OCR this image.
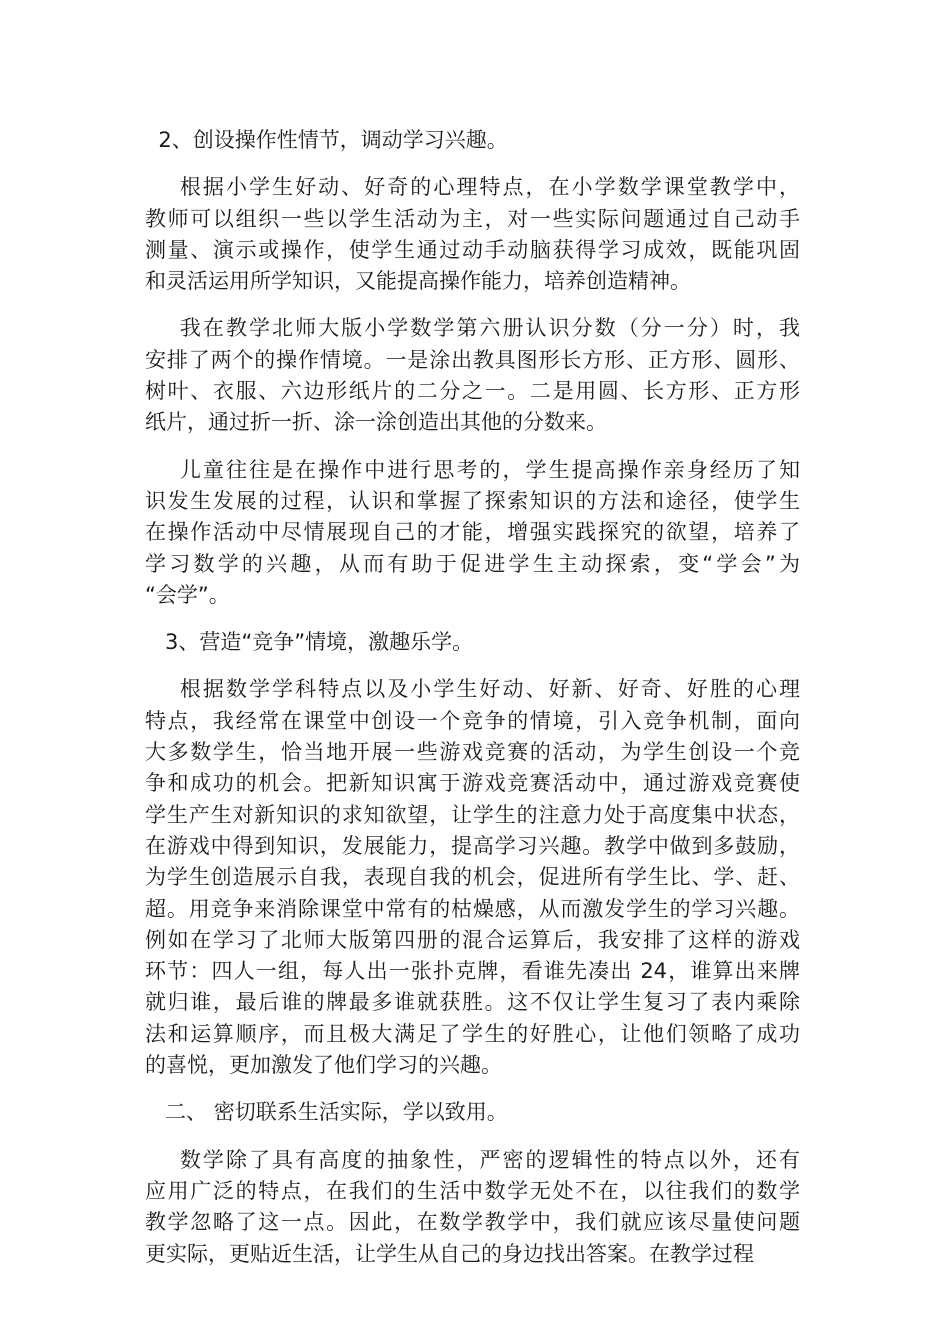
2、创设操作性情节，调动学习兴趣。

根据小学生好动、好奇的心理特点，在小学数学课堂教学中，
教师可以组织一些以学生活动为主，对一些实际问题通过自己动手
测量、演示或操作，使学生通过动手动脑获得学习成效，既能巩固
和灵活运用所学知识，又能提高操作能力，培养创造精神。

我在教学北师大版小学数学第六册认识分数（分一分）时，我
安排了两个的操作情境。一是涂出教具图形长方形、正方形、圆形、
树叶、衣服、六边形纸片的二分之一。二是用圆、长方形、正方形
纸片，通过折一折、涂一涂创造出其他的分数来。

儿童往往是在操作中进行思考的，学生提高操作亲身经历了知
识发生发展的过程，认识和掌握了探索知识的方法和途径，使学生
在操作活动中尽情展现自己的才能，增强实践探究的欲望，培养了
学习数学的兴趣，从而有助于促进学生主动探索，变“学会”为
“会学”。

3、营造“竞争”情境，激趣乐学。

根据数学学科特点以及小学生好动、好新、好奇、好胜的心理
特点，我经常在课堂中创设一个竞争的情境，引入竞争机制，面向
大多数学生，恰当地开展一些游戏竞赛的活动，为学生创设一个竞
争和成功的机会。把新知识寓于游戏竞赛活动中，通过游戏竞赛使
学生产生对新知识的求知欲望，让学生的注意力处于高度集中状态，
在游戏中得到知识，发展能力，提高学习兴趣。教学中做到多鼓励，
为学生创造展示自我，表现自我的机会，促进所有学生比、学、赶、
超。用竞争来消除课堂中常有的枯燥感，从而激发学生的学习兴趣。
例如在学习了北师大版第四册的混合运算后，我安排了这样的游戏
环节：四人一组，每人出一张扑克牌，看谁先凑出 24，谁算出来牌
就归谁，最后谁的牌最多谁就获胜。这不仅让学生复习了表内乘除
法和运算顺序，而且极大满足了学生的好胜心，让他们领略了成功
的喜悦，更加激发了他们学习的兴趣。

二、 密切联系生活实际，学以致用。

数学除了具有高度的抽象性，严密的逻辑性的特点以外，还有
应用广泛的特点，在我们的生活中数学无处不在，以往我们的数学
教学忽略了这一点。因此，在数学教学中，我们就应该尽量使问题
更实际，更贴近生活，让学生从自己的身边找出答案。在教学过程
